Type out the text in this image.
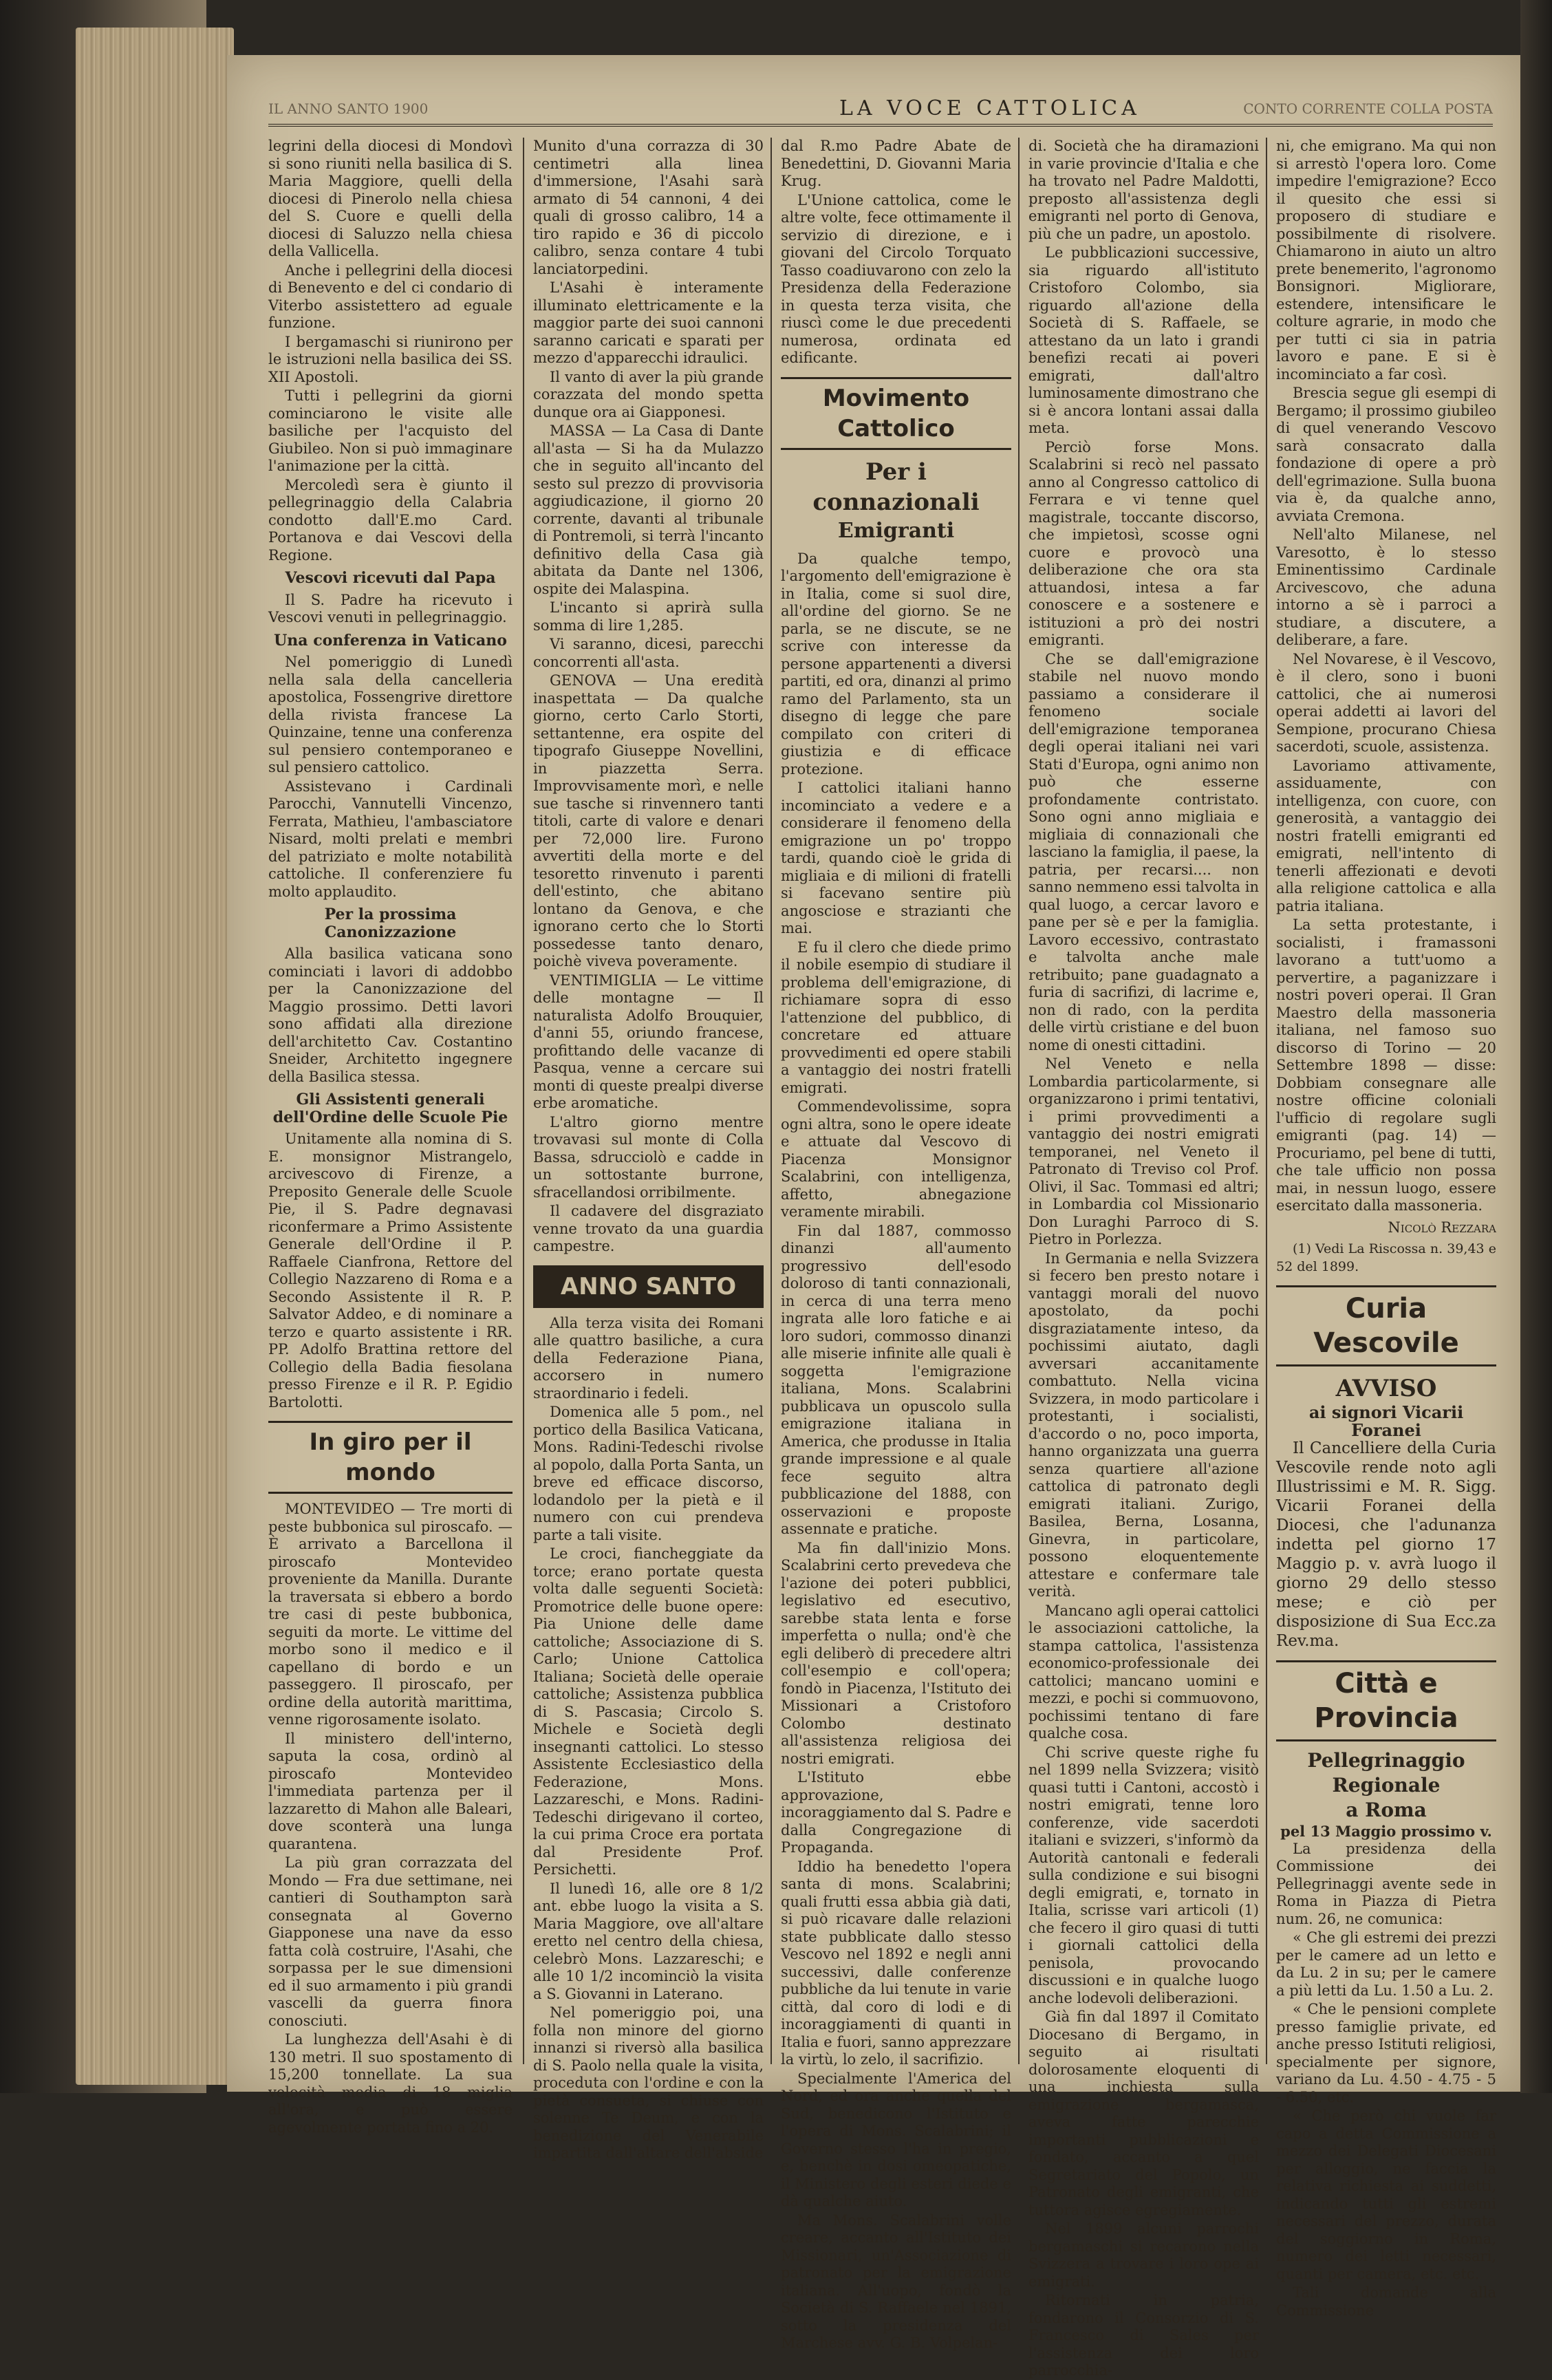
IL ANNO SANTO 1900	LA VOCE CATTOLICA	CONTO CORRENTE COLLA POSTA

legrini della diocesi di Mondovì si sono riuniti nella basilica di S. Maria Maggiore, quelli della diocesi di Pinerolo nella chiesa del S. Cuore e quelli della diocesi di Saluzzo nella chiesa della Vallicella.

Anche i pellegrini della diocesi di Benevento e del ci condario di Viterbo assistettero ad eguale funzione.

I bergamaschi si riunirono per le istruzioni nella basilica dei SS. XII Apostoli.

Tutti i pellegrini da giorni cominciarono le visite alle basiliche per l'acquisto del Giubileo. Non si può immaginare l'animazione per la città.

Mercoledì sera è giunto il pellegrinaggio della Calabria condotto dall'E.mo Card. Portanova e dai Vescovi della Regione.

Vescovi ricevuti dal Papa

Il S. Padre ha ricevuto i Vescovi venuti in pellegrinaggio.

Una conferenza in Vaticano

Nel pomeriggio di Lunedì nella sala della cancelleria apostolica, Fossengrive direttore della rivista francese La Quinzaine, tenne una conferenza sul pensiero contemporaneo e sul pensiero cattolico.

Assistevano i Cardinali Parocchi, Vannutelli Vincenzo, Ferrata, Mathieu, l'ambasciatore Nisard, molti prelati e membri del patriziato e molte notabilità cattoliche. Il conferenziere fu molto applaudito.

Per la prossima Canonizzazione

Alla basilica vaticana sono cominciati i lavori di addobbo per la Canonizzazione del Maggio prossimo. Detti lavori sono affidati alla direzione dell'architetto Cav. Costantino Sneider, Architetto ingegnere della Basilica stessa.

Gli Assistenti generali dell'Ordine delle Scuole Pie

Unitamente alla nomina di S. E. monsignor Mistrangelo, arcivescovo di Firenze, a Preposito Generale delle Scuole Pie, il S. Padre degnavasi riconfermare a Primo Assistente Generale dell'Ordine il P. Raffaele Cianfrona, Rettore del Collegio Nazzareno di Roma e a Secondo Assistente il R. P. Salvator Addeo, e di nominare a terzo e quarto assistente i RR. PP. Adolfo Brattina rettore del Collegio della Badia fiesolana presso Firenze e il R. P. Egidio Bartolotti.

In giro per il mondo

MONTEVIDEO — Tre morti di peste bubbonica sul piroscafo. — È arrivato a Barcellona il piroscafo Montevideo proveniente da Manilla. Durante la traversata si ebbero a bordo tre casi di peste bubbonica, seguiti da morte. Le vittime del morbo sono il medico e il capellano di bordo e un passeggero. Il piroscafo, per ordine della autorità marittima, venne rigorosamente isolato.

Il ministero dell'interno, saputa la cosa, ordinò al piroscafo Montevideo l'immediata partenza per il lazzaretto di Mahon alle Baleari, dove sconterà una lunga quarantena.

La più gran corrazzata del Mondo — Fra due settimane, nei cantieri di Southampton sarà consegnata al Governo Giapponese una nave da esso fatta colà costruire, l'Asahi, che sorpassa per le sue dimensioni ed il suo armamento i più grandi vascelli da guerra finora conosciuti.

La lunghezza dell'Asahi è di 130 metri. Il suo spostamento di 15,200 tonnellate. La sua velocità media di 18 miglia all'ora, e può essere agevolmente portata fino a 20.

Munito d'una corrazza di 30 centimetri alla linea d'immersione, l'Asahi sarà armato di 54 cannoni, 4 dei quali di grosso calibro, 14 a tiro rapido e 36 di piccolo calibro, senza contare 4 tubi lanciatorpedini.

L'Asahi è interamente illuminato elettricamente e la maggior parte dei suoi cannoni saranno caricati e sparati per mezzo d'apparecchi idraulici.

Il vanto di aver la più grande corazzata del mondo spetta dunque ora ai Giapponesi.

MASSA — La Casa di Dante all'asta — Si ha da Mulazzo che in seguito all'incanto del sesto sul prezzo di provvisoria aggiudicazione, il giorno 20 corrente, davanti al tribunale di Pontremoli, si terrà l'incanto definitivo della Casa già abitata da Dante nel 1306, ospite dei Malaspina.

L'incanto si aprirà sulla somma di lire 1,285.

Vi saranno, dicesi, parecchi concorrenti all'asta.

GENOVA — Una eredità inaspettata — Da qualche giorno, certo Carlo Storti, settantenne, era ospite del tipografo Giuseppe Novellini, in piazzetta Serra. Improvvisamente morì, e nelle sue tasche si rinvennero tanti titoli, carte di valore e denari per 72,000 lire. Furono avvertiti della morte e del tesoretto rinvenuto i parenti dell'estinto, che abitano lontano da Genova, e che ignorano certo che lo Storti possedesse tanto denaro, poichè viveva poveramente.

VENTIMIGLIA — Le vittime delle montagne — Il naturalista Adolfo Brouquier, d'anni 55, oriundo francese, profittando delle vacanze di Pasqua, venne a cercare sui monti di queste prealpi diverse erbe aromatiche.

L'altro giorno mentre trovavasi sul monte di Colla Bassa, sdrucciolò e cadde in un sottostante burrone, sfracellandosi orribilmente.

Il cadavere del disgraziato venne trovato da una guardia campestre.

ANNO SANTO

Alla terza visita dei Romani alle quattro basiliche, a cura della Federazione Piana, accorsero in numero straordinario i fedeli.

Domenica alle 5 pom., nel portico della Basilica Vaticana, Mons. Radini-Tedeschi rivolse al popolo, dalla Porta Santa, un breve ed efficace discorso, lodandolo per la pietà e il numero con cui prendeva parte a tali visite.

Le croci, fiancheggiate da torce; erano portate questa volta dalle seguenti Società: Promotrice delle buone opere: Pia Unione delle dame cattoliche; Associazione di S. Carlo; Unione Cattolica Italiana; Società delle operaie cattoliche; Assistenza pubblica di S. Pascasia; Circolo S. Michele e Società degli insegnanti cattolici. Lo stesso Assistente Ecclesiastico della Federazione, Mons. Lazzareschi, e Mons. Radini-Tedeschi dirigevano il corteo, la cui prima Croce era portata dal Presidente Prof. Persichetti.

Il lunedì 16, alle ore 8 1/2 ant. ebbe luogo la visita a S. Maria Maggiore, ove all'altare eretto nel centro della chiesa, celebrò Mons. Lazzareschi; e alle 10 1/2 incominciò la visita a S. Giovanni in Laterano.

Nel pomeriggio poi, una folla non minore del giorno innanzi si riversò alla basilica di S. Paolo nella quale la visita, proceduta con l'ordine e con la pietà consueta, si chiuse con solenne Te Deum, e con la benedizione del Venerabile impartita dall'altare dell'abside

dal R.mo Padre Abate de Benedettini, D. Giovanni Maria Krug.

L'Unione cattolica, come le altre volte, fece ottimamente il servizio di direzione, e i giovani del Circolo Torquato Tasso coadiuvarono con zelo la Presidenza della Federazione in questa terza visita, che riuscì come le due precedenti numerosa, ordinata ed edificante.

Movimento Cattolico
Per i connazionali
Emigranti

Da qualche tempo, l'argomento dell'emigrazione è in Italia, come si suol dire, all'ordine del giorno. Se ne parla, se ne discute, se ne scrive con interesse da persone appartenenti a diversi partiti, ed ora, dinanzi al primo ramo del Parlamento, sta un disegno di legge che pare compilato con criteri di giustizia e di efficace protezione.

I cattolici italiani hanno incominciato a vedere e a considerare il fenomeno della emigrazione un po' troppo tardi, quando cioè le grida di migliaia e di milioni di fratelli si facevano sentire più angosciose e strazianti che mai.

E fu il clero che diede primo il nobile esempio di studiare il problema dell'emigrazione, di richiamare sopra di esso l'attenzione del pubblico, di concretare ed attuare provvedimenti ed opere stabili a vantaggio dei nostri fratelli emigrati.

Commendevolissime, sopra ogni altra, sono le opere ideate e attuate dal Vescovo di Piacenza Monsignor Scalabrini, con intelligenza, affetto, abnegazione veramente mirabili.

Fin dal 1887, commosso dinanzi all'aumento progressivo dell'esodo doloroso di tanti connazionali, in cerca di una terra meno ingrata alle loro fatiche e ai loro sudori, commosso dinanzi alle miserie infinite alle quali è soggetta l'emigrazione italiana, Mons. Scalabrini pubblicava un opuscolo sulla emigrazione italiana in America, che produsse in Italia grande impressione e al quale fece seguito altra pubblicazione del 1888, con osservazioni e proposte assennate e pratiche.

Ma fin dall'inizio Mons. Scalabrini certo prevedeva che l'azione dei poteri pubblici, legislativo ed esecutivo, sarebbe stata lenta e forse imperfetta o nulla; ond'è che egli deliberò di precedere altri coll'esempio e coll'opera; fondò in Piacenza, l'Istituto dei Missionari a Cristoforo Colombo destinato all'assistenza religiosa dei nostri emigrati.

L'Istituto ebbe approvazione, incoraggiamento dal S. Padre e dalla Congregazione di Propaganda.

Iddio ha benedetto l'opera santa di mons. Scalabrini; quali frutti essa abbia già dati, si può ricavare dalle relazioni state pubblicate dallo stesso Vescovo nel 1892 e negli anni successivi, dalle conferenze pubbliche da lui tenute in varie città, dal coro di lodi e di incoraggiamenti di quanti in Italia e fuori, sanno apprezzare la virtù, lo zelo, il sacrifizio.

Specialmente l'America del Nord, ed ora anche quella del Sud, benedicono l'Istituto e l'opera di Mons. Scalabrini; il Governo stesso l'ha in pregio, e, benchè in dosi omeopatiche, il Ministero degli esteri diede e dà qualche aiuto.

Ma Mons. Scalabrini volle creare, accanto all'Istituto dei Missionari, un'Associazione di patronato per la emigrazione italiana. All'uopo, fondò la Società di S. Raffaele nel 1891, sotto la presidenza del Marchese avv. G. B. Volpelan-

di. Società che ha diramazioni in varie provincie d'Italia e che ha trovato nel Padre Maldotti, preposto all'assistenza degli emigranti nel porto di Genova, più che un padre, un apostolo.

Le pubblicazioni successive, sia riguardo all'istituto Cristoforo Colombo, sia riguardo all'azione della Società di S. Raffaele, se attestano da un lato i grandi benefizi recati ai poveri emigrati, dall'altro luminosamente dimostrano che si è ancora lontani assai dalla meta.

Perciò forse Mons. Scalabrini si recò nel passato anno al Congresso cattolico di Ferrara e vi tenne quel magistrale, toccante discorso, che impietosì, scosse ogni cuore e provocò una deliberazione che ora sta attuandosi, intesa a far conoscere e a sostenere e istituzioni a prò dei nostri emigranti.

Che se dall'emigrazione stabile nel nuovo mondo passiamo a considerare il fenomeno sociale dell'emigrazione temporanea degli operai italiani nei vari Stati d'Europa, ogni animo non può che esserne profondamente contristato. Sono ogni anno migliaia e migliaia di connazionali che lasciano la famiglia, il paese, la patria, per recarsi.... non sanno nemmeno essi talvolta in qual luogo, a cercar lavoro e pane per sè e per la famiglia. Lavoro eccessivo, contrastato e talvolta anche male retribuito; pane guadagnato a furia di sacrifizi, di lacrime e, non di rado, con la perdita delle virtù cristiane e del buon nome di onesti cittadini.

Nel Veneto e nella Lombardia particolarmente, si organizzarono i primi tentativi, i primi provvedimenti a vantaggio dei nostri emigrati temporanei, nel Veneto il Patronato di Treviso col Prof. Olivi, il Sac. Tommasi ed altri; in Lombardia col Missionario Don Luraghi Parroco di S. Pietro in Porlezza.

In Germania e nella Svizzera si fecero ben presto notare i vantaggi morali del nuovo apostolato, da pochi disgraziatamente inteso, da pochissimi aiutato, dagli avversari accanitamente combattuto. Nella vicina Svizzera, in modo particolare i protestanti, i socialisti, d'accordo o no, poco importa, hanno organizzata una guerra senza quartiere all'azione cattolica di patronato degli emigrati italiani. Zurigo, Basilea, Berna, Losanna, Ginevra, in particolare, possono eloquentemente attestare e confermare tale verità.

Mancano agli operai cattolici le associazioni cattoliche, la stampa cattolica, l'assistenza economico-professionale dei cattolici; mancano uomini e mezzi, e pochi si commuovono, pochissimi tentano di fare qualche cosa.

Chi scrive queste righe fu nel 1899 nella Svizzera; visitò quasi tutti i Cantoni, accostò i nostri emigrati, tenne loro conferenze, vide sacerdoti italiani e svizzeri, s'informò da Autorità cantonali e federali sulla condizione e sui bisogni degli emigrati, e, tornato in Italia, scrisse vari articoli (1) che fecero il giro quasi di tutti i giornali cattolici della penisola, provocando discussioni e in qualche luogo anche lodevoli deliberazioni.

Già fin dal 1897 il Comitato Diocesano di Bergamo, in seguito ai risultati dolorosamente eloquenti di una inchiesta sulla emigrazione bergamasca, aveva fatte parecchie importanti pubblicazioni e fondato, accanto a quel Segretariato del Popolo, un Patronato degli emigranti, che tuttora agisce egregiamente.

Nel 1899 alcuni parrochi bergamaschi si recarono nella Svizzera a trovare i loro ope ai emigrati.

Ritornati in patria, fondarono il Consorzio di S. Francesco di Sales per l'assistenza dei loro parrocchia-

ni, che emigrano. Ma qui non si arrestò l'opera loro. Come impedire l'emigrazione? Ecco il quesito che essi si proposero di studiare e possibilmente di risolvere. Chiamarono in aiuto un altro prete benemerito, l'agronomo Bonsignori. Migliorare, estendere, intensificare le colture agrarie, in modo che per tutti ci sia in patria lavoro e pane. E si è incominciato a far così.

Brescia segue gli esempi di Bergamo; il prossimo giubileo di quel venerando Vescovo sarà consacrato dalla fondazione di opere a prò dell'egrimazione. Sulla buona via è, da qualche anno, avviata Cremona.

Nell'alto Milanese, nel Varesotto, è lo stesso Eminentissimo Cardinale Arcivescovo, che aduna intorno a sè i parroci a studiare, a discutere, a deliberare, a fare.

Nel Novarese, è il Vescovo, è il clero, sono i buoni cattolici, che ai numerosi operai addetti ai lavori del Sempione, procurano Chiesa sacerdoti, scuole, assistenza.

Lavoriamo attivamente, assiduamente, con intelligenza, con cuore, con generosità, a vantaggio dei nostri fratelli emigranti ed emigrati, nell'intento di tenerli affezionati e devoti alla religione cattolica e alla patria italiana.

La setta protestante, i socialisti, i framassoni lavorano a tutt'uomo a pervertire, a paganizzare i nostri poveri operai. Il Gran Maestro della massoneria italiana, nel famoso suo discorso di Torino — 20 Settembre 1898 — disse: Dobbiam consegnare alle nostre officine coloniali l'ufficio di regolare sugli emigranti (pag. 14) — Procuriamo, pel bene di tutti, che tale ufficio non possa mai, in nessun luogo, essere esercitato dalla massoneria.

Nicolò Rezzara

(1) Vedi La Riscossa n. 39,43 e 52 del 1899.

Curia Vescovile
AVVISO
ai signori Vicarii Foranei

Il Cancelliere della Curia Vescovile rende noto agli Illustrissimi e M. R. Sigg. Vicarii Foranei della Diocesi, che l'adunanza indetta pel giorno 17 Maggio p. v. avrà luogo il giorno 29 dello stesso mese; e ciò per disposizione di Sua Ecc.za Rev.ma.

Città e Provincia
Pellegrinaggio Regionale
a Roma
pel 13 Maggio prossimo v.

La presidenza della Commissione dei Pellegrinaggi avente sede in Roma in Piazza di Pietra num. 26, ne comunica:

« Che gli estremi dei prezzi per le camere ad un letto e da Lu. 2 in su; per le camere a più letti da Lu. 1.50 a Lu. 2.

« Che le pensioni complete presso famiglie private, ed anche presso Istituti religiosi, specialmente per signore, variano da Lu. 4.50 - 4.75 - 5 - 6.50, etc.

« Che però chi vuole far capo a detta Commissione a mezzo dei Delegati Diocesani per alloggio, ne faccia la relativa richiesta ai suddetti, indicando tutti gli estremi necessari del prezzo, durata del soggiorno in Roma, numero dei letti necessari, quanti per camera, etc. etc.

Tali domande alla Commissione
